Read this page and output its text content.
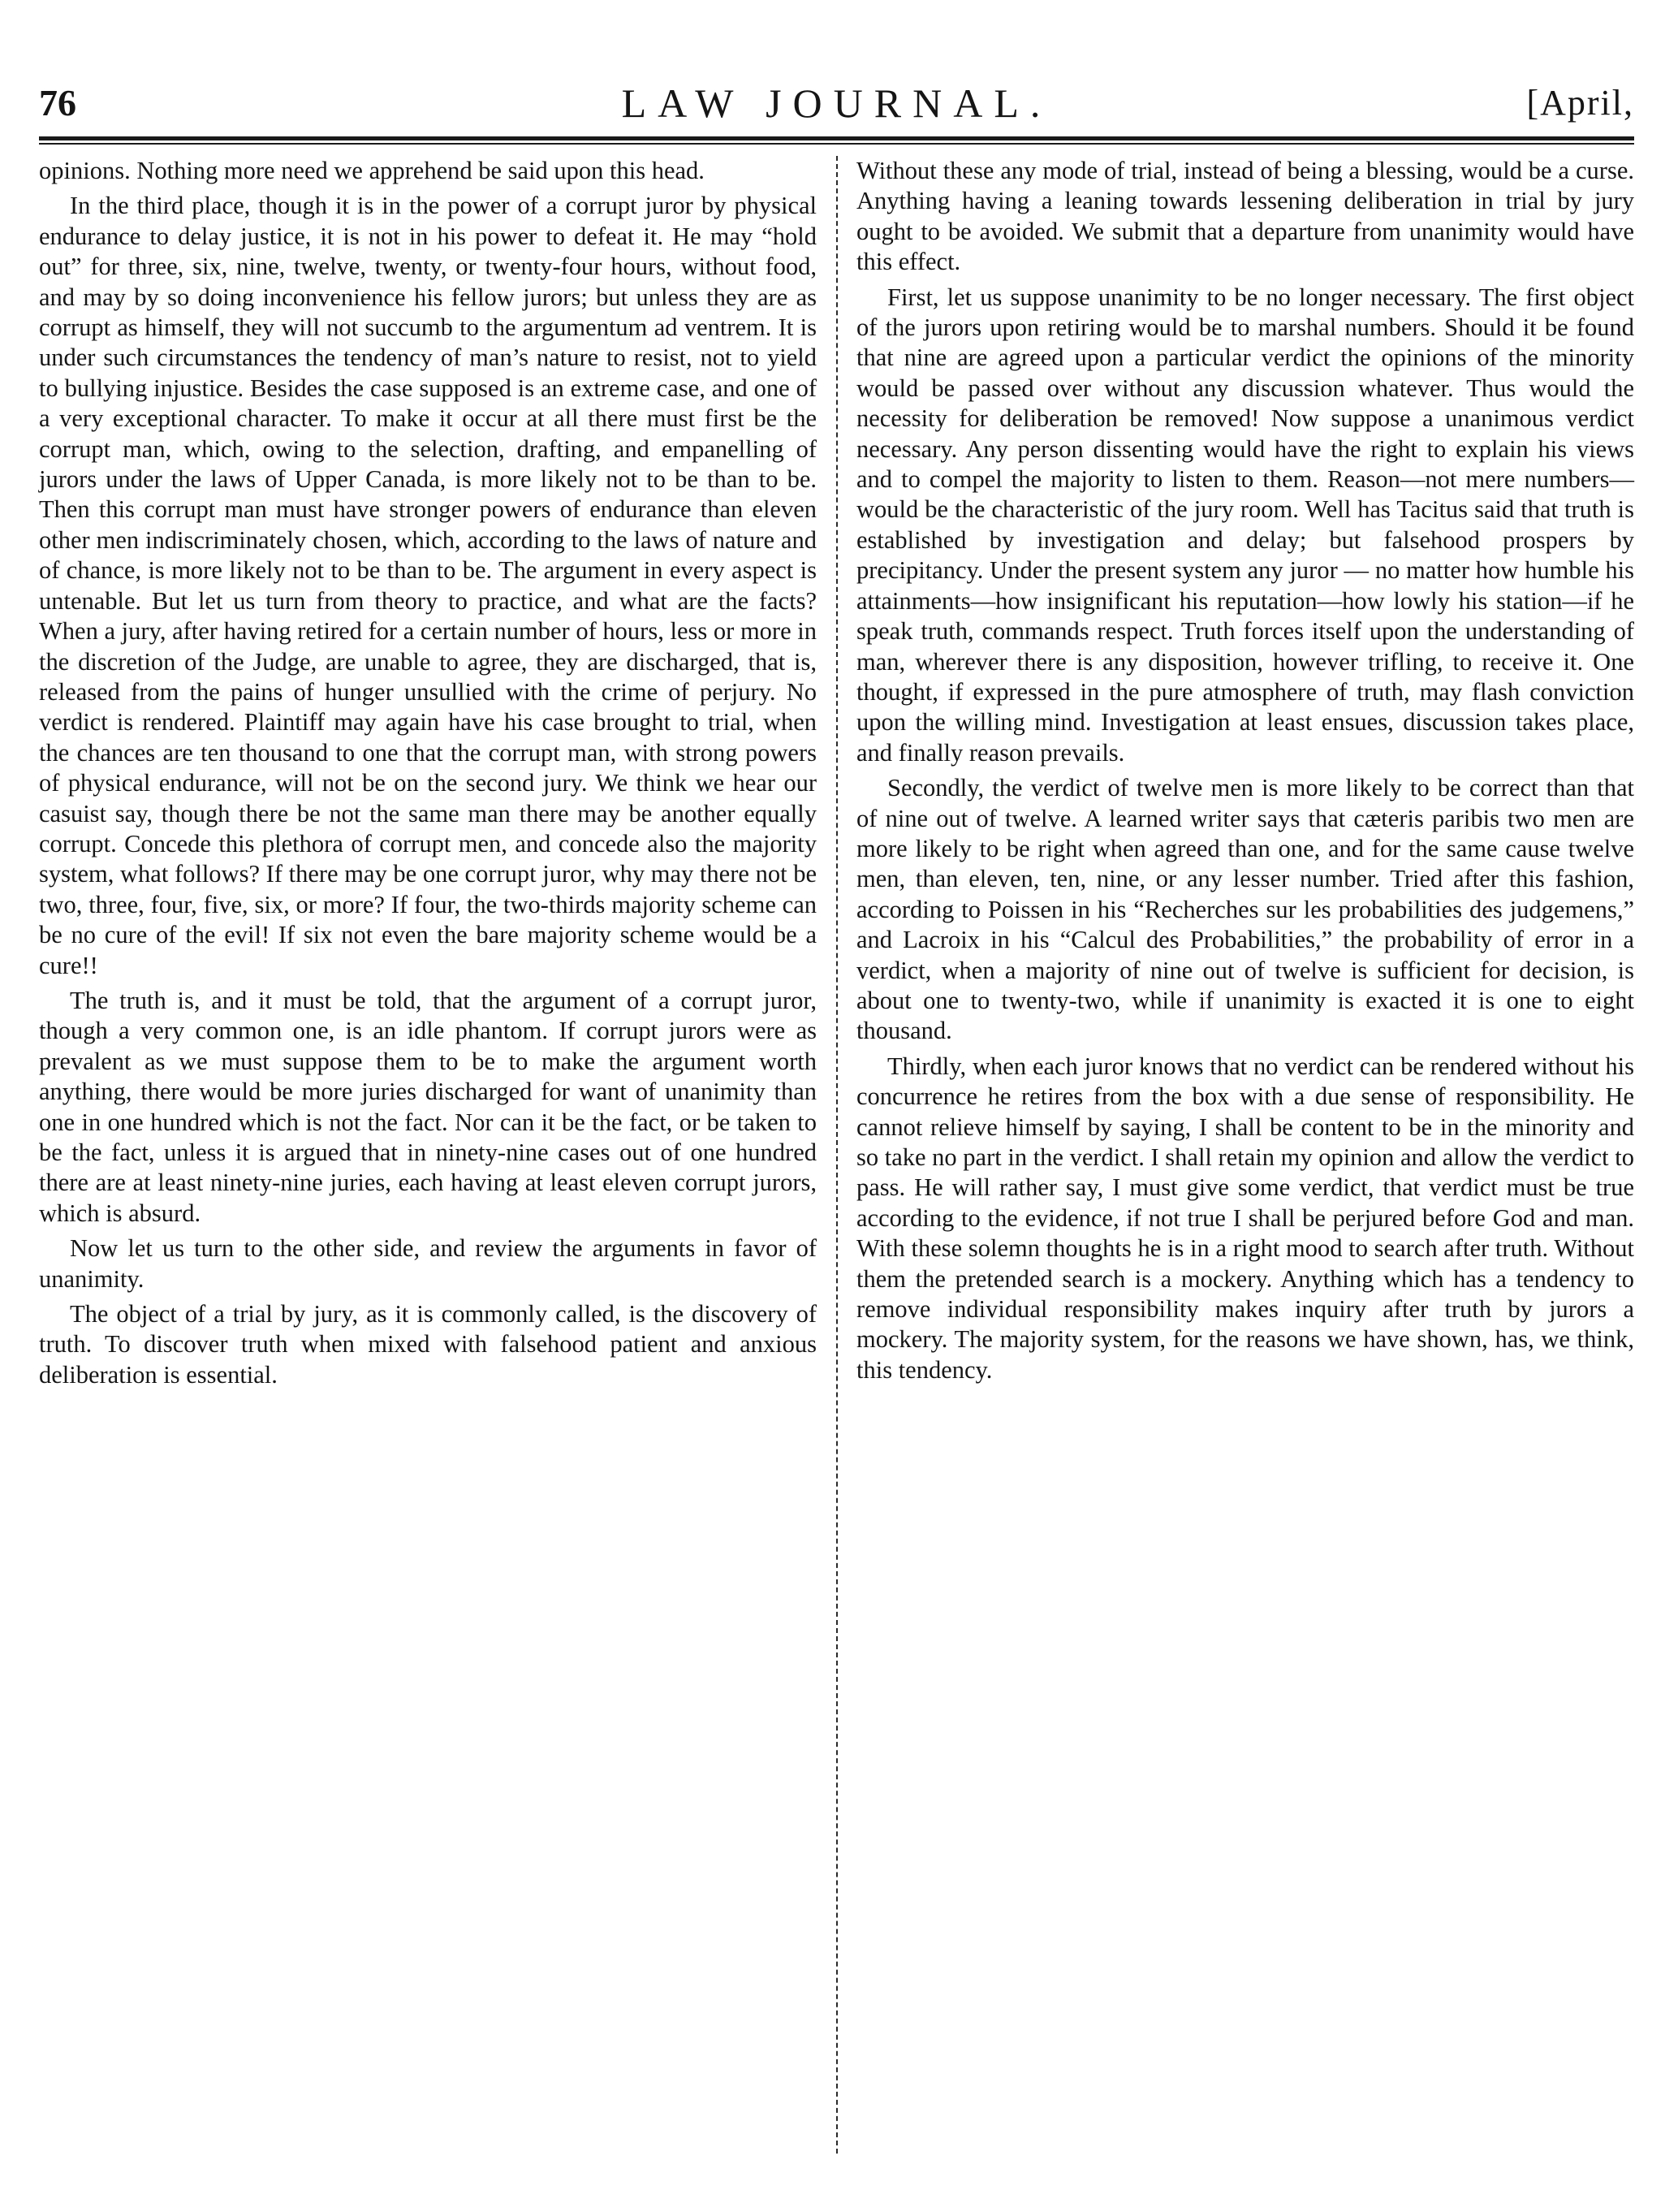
76	LAW JOURNAL.	[April,

opinions. Nothing more need we apprehend be said upon this head.

In the third place, though it is in the power of a corrupt juror by physical endurance to delay justice, it is not in his power to defeat it. He may “hold out” for three, six, nine, twelve, twenty, or twenty-four hours, without food, and may by so doing inconvenience his fellow jurors; but unless they are as corrupt as himself, they will not succumb to the argumentum ad ventrem. It is under such circumstances the tendency of man’s nature to resist, not to yield to bullying injustice. Besides the case supposed is an extreme case, and one of a very exceptional character. To make it occur at all there must first be the corrupt man, which, owing to the selection, drafting, and empanelling of jurors under the laws of Upper Canada, is more likely not to be than to be. Then this corrupt man must have stronger powers of endurance than eleven other men indiscriminately chosen, which, according to the laws of nature and of chance, is more likely not to be than to be. The argument in every aspect is untenable. But let us turn from theory to practice, and what are the facts? When a jury, after having retired for a certain number of hours, less or more in the discretion of the Judge, are unable to agree, they are discharged, that is, released from the pains of hunger unsullied with the crime of perjury. No verdict is rendered. Plaintiff may again have his case brought to trial, when the chances are ten thousand to one that the corrupt man, with strong powers of physical endurance, will not be on the second jury. We think we hear our casuist say, though there be not the same man there may be another equally corrupt. Concede this plethora of corrupt men, and concede also the majority system, what follows? If there may be one corrupt juror, why may there not be two, three, four, five, six, or more? If four, the two-thirds majority scheme can be no cure of the evil! If six not even the bare majority scheme would be a cure!!

The truth is, and it must be told, that the argument of a corrupt juror, though a very common one, is an idle phantom. If corrupt jurors were as prevalent as we must suppose them to be to make the argument worth anything, there would be more juries discharged for want of unanimity than one in one hundred which is not the fact. Nor can it be the fact, or be taken to be the fact, unless it is argued that in ninety-nine cases out of one hundred there are at least ninety-nine juries, each having at least eleven corrupt jurors, which is absurd.

Now let us turn to the other side, and review the arguments in favor of unanimity.

The object of a trial by jury, as it is commonly called, is the discovery of truth. To discover truth when mixed with falsehood patient and anxious deliberation is essential.

Without these any mode of trial, instead of being a blessing, would be a curse. Anything having a leaning towards lessening deliberation in trial by jury ought to be avoided. We submit that a departure from unanimity would have this effect.

First, let us suppose unanimity to be no longer necessary. The first object of the jurors upon retiring would be to marshal numbers. Should it be found that nine are agreed upon a particular verdict the opinions of the minority would be passed over without any discussion whatever. Thus would the necessity for deliberation be removed! Now suppose a unanimous verdict necessary. Any person dissenting would have the right to explain his views and to compel the majority to listen to them. Reason—not mere numbers—would be the characteristic of the jury room. Well has Tacitus said that truth is established by investigation and delay; but falsehood prospers by precipitancy. Under the present system any juror — no matter how humble his attainments—how insignificant his reputation—how lowly his station—if he speak truth, commands respect. Truth forces itself upon the understanding of man, wherever there is any disposition, however trifling, to receive it. One thought, if expressed in the pure atmosphere of truth, may flash conviction upon the willing mind. Investigation at least ensues, discussion takes place, and finally reason prevails.

Secondly, the verdict of twelve men is more likely to be correct than that of nine out of twelve. A learned writer says that cæteris paribis two men are more likely to be right when agreed than one, and for the same cause twelve men, than eleven, ten, nine, or any lesser number. Tried after this fashion, according to Poissen in his “Recherches sur les probabilities des judgemens,” and Lacroix in his “Calcul des Probabilities,” the probability of error in a verdict, when a majority of nine out of twelve is sufficient for decision, is about one to twenty-two, while if unanimity is exacted it is one to eight thousand.

Thirdly, when each juror knows that no verdict can be rendered without his concurrence he retires from the box with a due sense of responsibility. He cannot relieve himself by saying, I shall be content to be in the minority and so take no part in the verdict. I shall retain my opinion and allow the verdict to pass. He will rather say, I must give some verdict, that verdict must be true according to the evidence, if not true I shall be perjured before God and man. With these solemn thoughts he is in a right mood to search after truth. Without them the pretended search is a mockery. Anything which has a tendency to remove individual responsibility makes inquiry after truth by jurors a mockery. The majority system, for the reasons we have shown, has, we think, this tendency.
